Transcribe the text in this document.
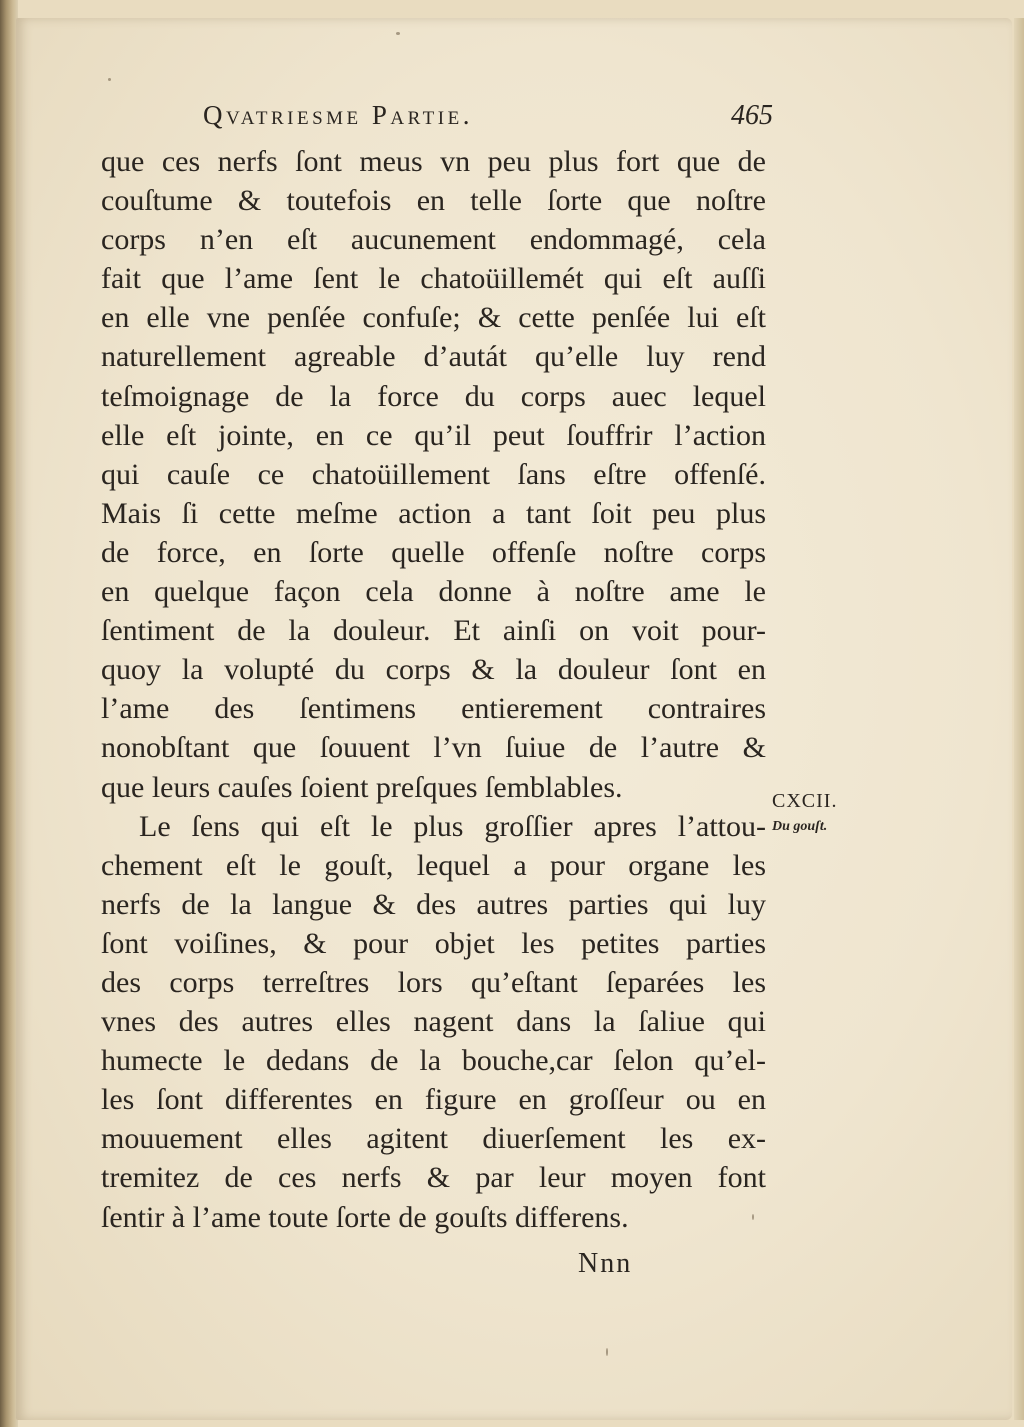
Qvatriesme Partie.	465
que ces nerfs ſont meus vn peu plus fort que de
couſtume & toutefois en telle ſorte que noſtre
corps n’en eſt aucunement endommagé, cela
fait que l’ame ſent le chatoüillemét qui eſt auſſi
en elle vne penſée confuſe; & cette penſée lui eſt
naturellement agreable d’autát qu’elle luy rend
teſmoignage de la force du corps auec lequel
elle eſt jointe, en ce qu’il peut ſouffrir l’action
qui cauſe ce chatoüillement ſans eſtre offenſé.
Mais ſi cette meſme action a tant ſoit peu plus
de force, en ſorte quelle offenſe noſtre corps
en quelque façon cela donne à noſtre ame le
ſentiment de la douleur. Et ainſi on voit pour-
quoy la volupté du corps & la douleur ſont en
l’ame des ſentimens entierement contraires
nonobſtant que ſouuent l’vn ſuiue de l’autre &
que leurs cauſes ſoient preſques ſemblables.
Le ſens qui eſt le plus groſſier apres l’attou-
chement eſt le gouſt, lequel a pour organe les
nerfs de la langue & des autres parties qui luy
ſont voiſines, & pour objet les petites parties
des corps terreſtres lors qu’eſtant ſeparées les
vnes des autres elles nagent dans la ſaliue qui
humecte le dedans de la bouche,car ſelon qu’el-
les ſont differentes en figure en groſſeur ou en
mouuement elles agitent diuerſement les ex-
tremitez de ces nerfs & par leur moyen font
ſentir à l’ame toute ſorte de gouſts differens.
CXCII.
Du gouſt.
Nnn
